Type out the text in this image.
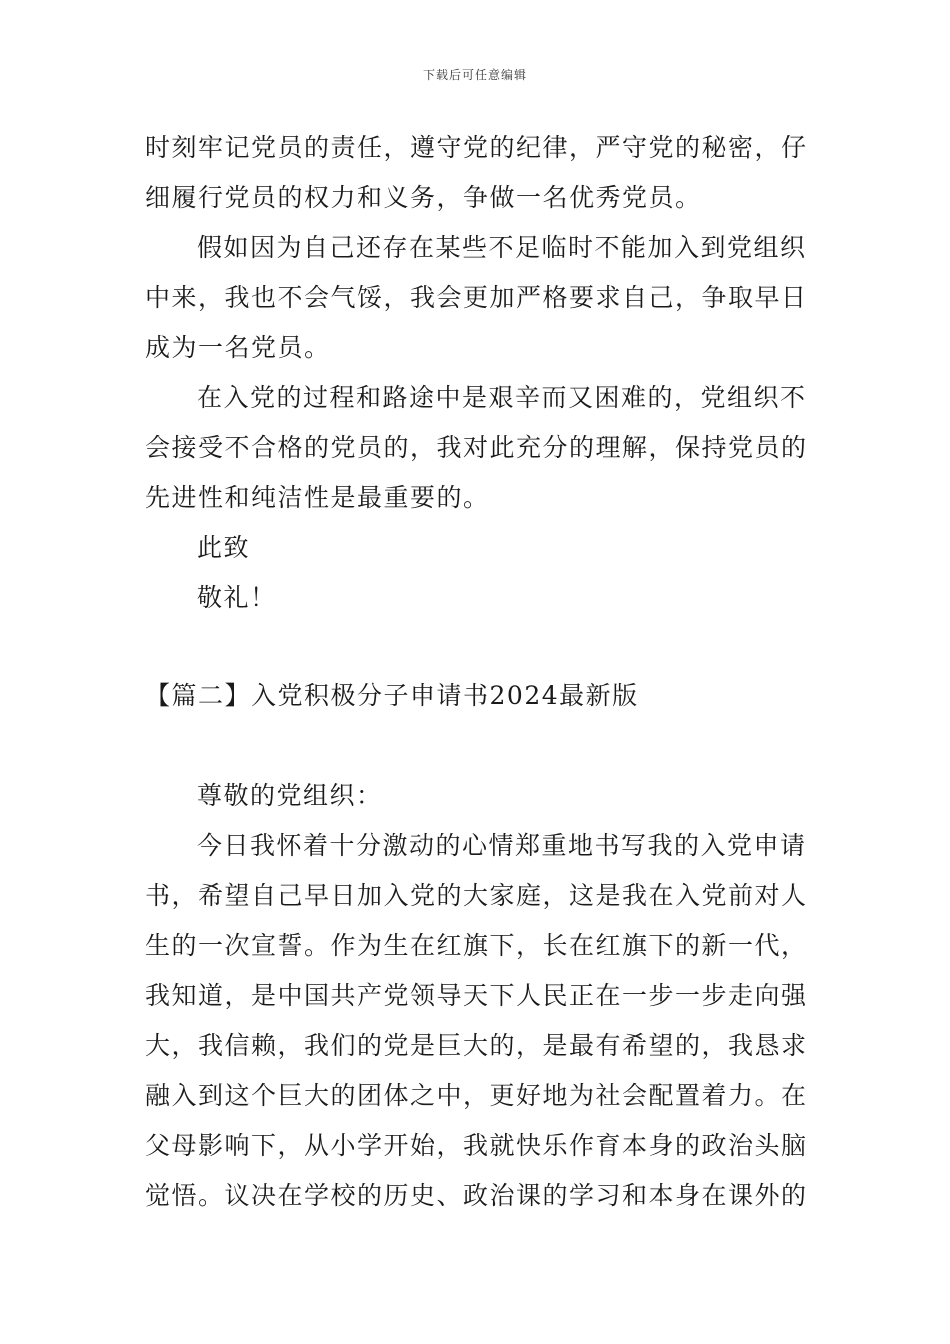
下载后可任意编辑
时刻牢记党员的责任，遵守党的纪律，严守党的秘密，仔
细履行党员的权力和义务，争做一名优秀党员。
假如因为自己还存在某些不足临时不能加入到党组织
中来，我也不会气馁，我会更加严格要求自己，争取早日
成为一名党员。
在入党的过程和路途中是艰辛而又困难的，党组织不
会接受不合格的党员的，我对此充分的理解，保持党员的
先进性和纯洁性是最重要的。
此致
敬礼！
【篇二】入党积极分子申请书2024最新版
尊敬的党组织：
今日我怀着十分激动的心情郑重地书写我的入党申请
书，希望自己早日加入党的大家庭，这是我在入党前对人
生的一次宣誓。作为生在红旗下，长在红旗下的新一代，
我知道，是中国共产党领导天下人民正在一步一步走向强
大，我信赖，我们的党是巨大的，是最有希望的，我恳求
融入到这个巨大的团体之中，更好地为社会配置着力。在
父母影响下，从小学开始，我就快乐作育本身的政治头脑
觉悟。议决在学校的历史、政治课的学习和本身在课外的
